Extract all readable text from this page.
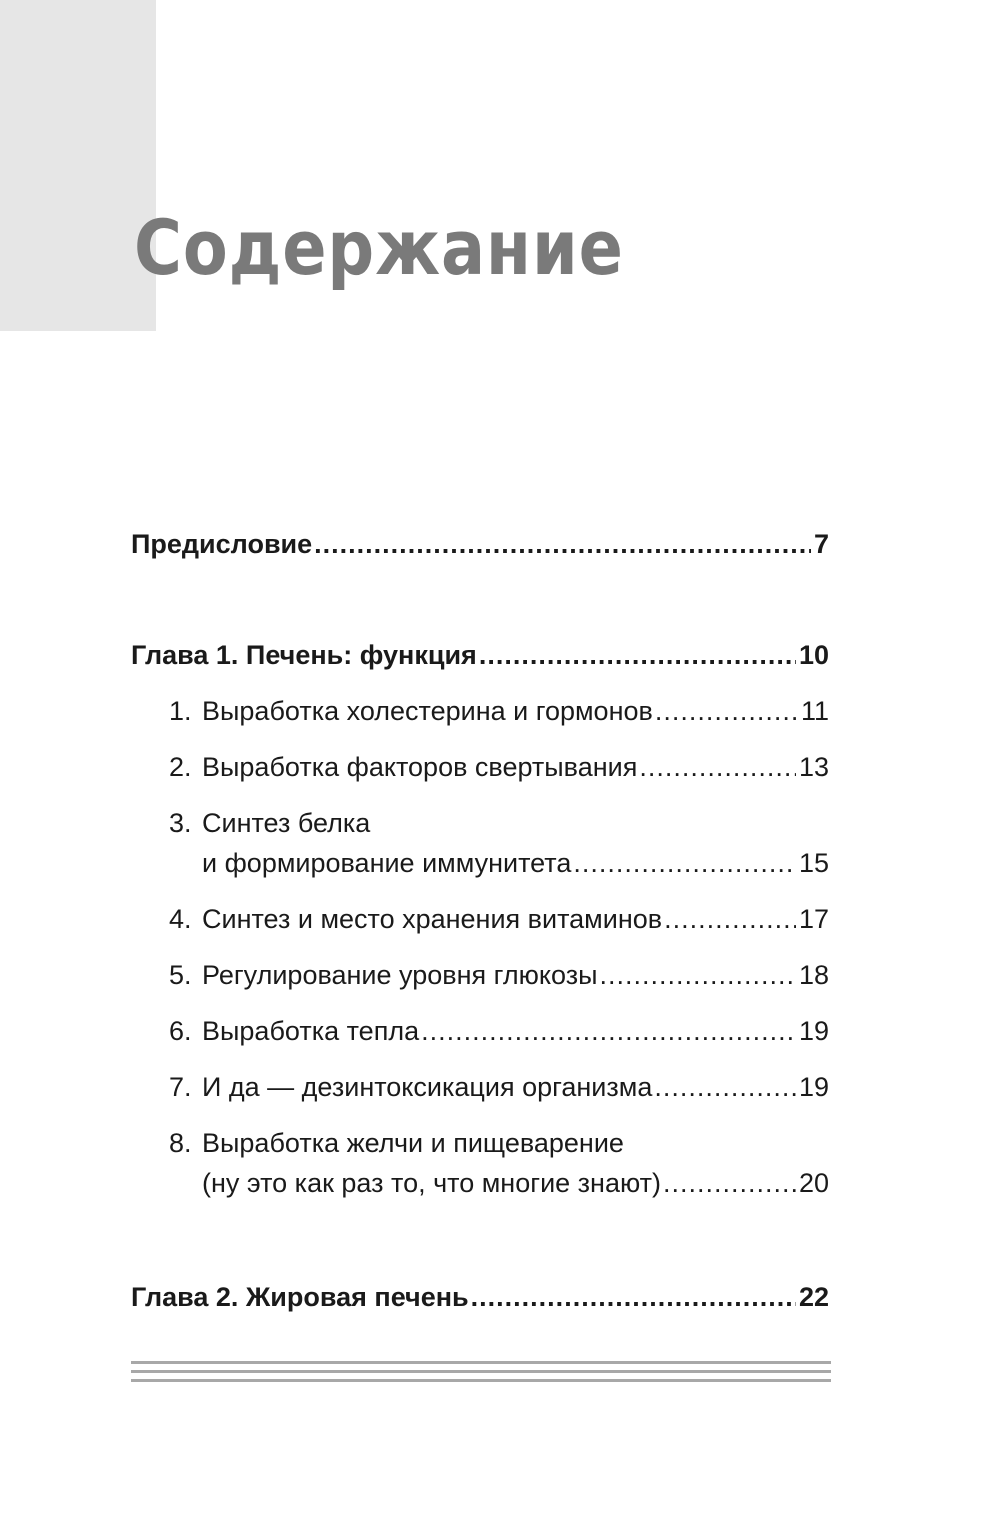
Содержание
Предисловие .....	7
Глава 1. Печень: функция .....	10
1. Выработка холестерина и гормонов .....	11
2. Выработка факторов свертывания .....	13
3. Синтез белка
и формирование иммунитета .....	15
4. Синтез и место хранения витаминов .....	17
5. Регулирование уровня глюкозы .....	18
6. Выработка тепла .....	19
7. И да — дезинтоксикация организма .....	19
8. Выработка желчи и пищеварение
(ну это как раз то, что многие знают) .....	20
Глава 2. Жировая печень .....	22
